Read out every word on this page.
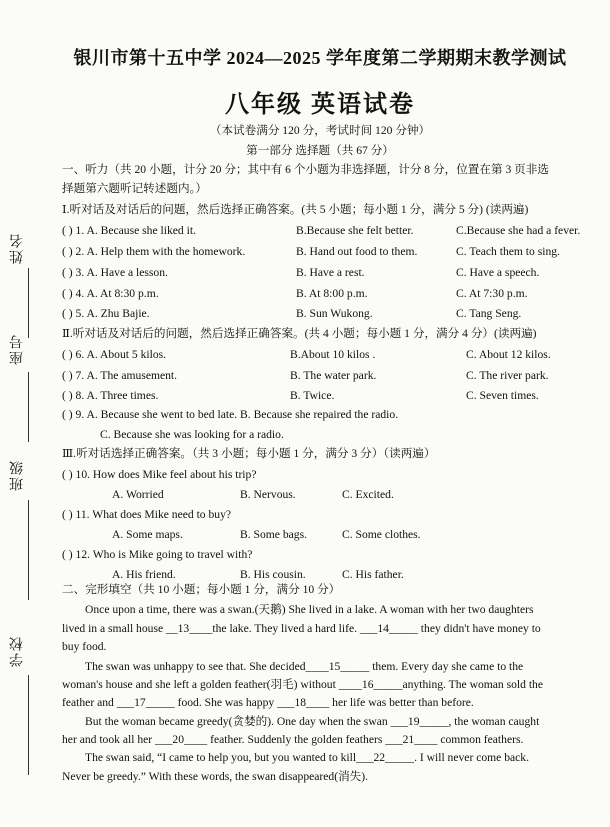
姓名
座号
班级
学校
银川市第十五中学 2024—2025 学年度第二学期期末教学测试
八年级 英语试卷
（本试卷满分 120 分，考试时间 120 分钟）
第一部分 选择题（共 67 分）
一、听力（共 20 小题，计分 20 分；其中有 6 个小题为非选择题，计分 8 分，位置在第 3 页非选
择题第六题听记转述题内。）
Ⅰ.听对话及对话后的问题，然后选择正确答案。(共 5 小题；每小题 1 分，满分 5 分) (读两遍)
( ) 1. A. Because she liked it.	B.Because she felt better.	C.Because she had a fever.
( ) 2. A. Help them with the homework.	B. Hand out food to them.	C. Teach them to sing.
( ) 3. A. Have a lesson.	B. Have a rest.	C. Have a speech.
( ) 4. A. At 8:30 p.m.	B. At 8:00 p.m.	C. At 7:30 p.m.
( ) 5. A. Zhu Bajie.	B. Sun Wukong.	C. Tang Seng.
Ⅱ.听对话及对话后的问题，然后选择正确答案。(共 4 小题；每小题 1 分，满分 4 分）(读两遍)
( ) 6. A. About 5 kilos.	B.About 10 kilos .	C. About 12 kilos.
( ) 7. A. The amusement.	B. The water park.	C. The river park.
( ) 8. A. Three times.	B. Twice.	C. Seven times.
( ) 9. A. Because she went to bed late. B. Because she repaired the radio.
C. Because she was looking for a radio.
Ⅲ.听对话选择正确答案。（共 3 小题；每小题 1 分，满分 3 分）（读两遍）
( ) 10. How does Mike feel about his trip?
A. Worried	B. Nervous.	C. Excited.
( ) 11. What does Mike need to buy?
A. Some maps.	B. Some bags.	C. Some clothes.
( ) 12. Who is Mike going to travel with?
A. His friend.	B. His cousin.	C. His father.
二、完形填空（共 10 小题；每小题 1 分，满分 10 分）
Once upon a time, there was a swan.(天鹅) She lived in a lake. A woman with her two daughters
lived in a small house __13____the lake. They lived a hard life. ___14_____ they didn't have money to
buy food.
The swan was unhappy to see that. She decided____15_____ them. Every day she came to the
woman's house and she left a golden feather(羽毛) without ____16_____anything. The woman sold the
feather and ___17_____ food. She was happy ___18____ her life was better than before.
But the woman became greedy(贪婪的). One day when the swan ___19_____, the woman caught
her and took all her ___20____ feather. Suddenly the golden feathers ___21____ common feathers.
The swan said, “I came to help you, but you wanted to kill___22_____. I will never come back.
Never be greedy.” With these words, the swan disappeared(消失).
